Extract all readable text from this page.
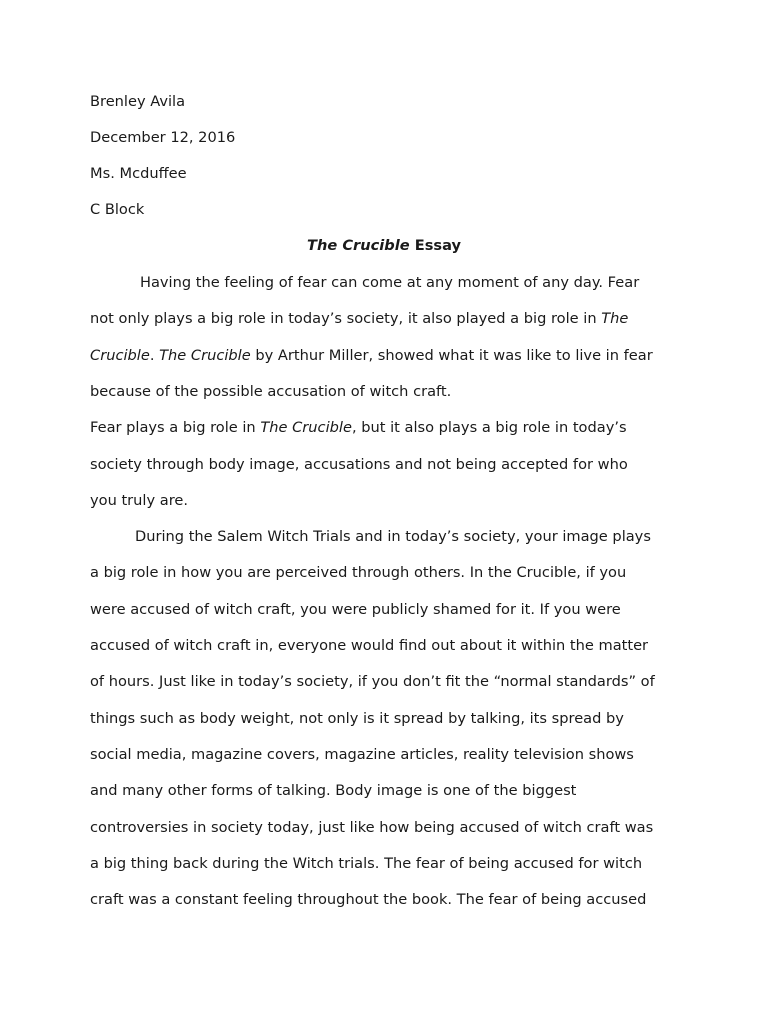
Brenley Avila
December 12, 2016
Ms. Mcduffee
C Block
The Crucible Essay
Having the feeling of fear can come at any moment of any day. Fear
not only plays a big role in today’s society, it also played a big role in The
Crucible. The Crucible by Arthur Miller, showed what it was like to live in fear
because of the possible accusation of witch craft.
Fear plays a big role in The Crucible, but it also plays a big role in today’s
society through body image, accusations and not being accepted for who
you truly are.
During the Salem Witch Trials and in today’s society, your image plays
a big role in how you are perceived through others. In the Crucible, if you
were accused of witch craft, you were publicly shamed for it. If you were
accused of witch craft in, everyone would find out about it within the matter
of hours. Just like in today’s society, if you don’t fit the “normal standards” of
things such as body weight, not only is it spread by talking, its spread by
social media, magazine covers, magazine articles, reality television shows
and many other forms of talking. Body image is one of the biggest
controversies in society today, just like how being accused of witch craft was
a big thing back during the Witch trials. The fear of being accused for witch
craft was a constant feeling throughout the book. The fear of being accused
